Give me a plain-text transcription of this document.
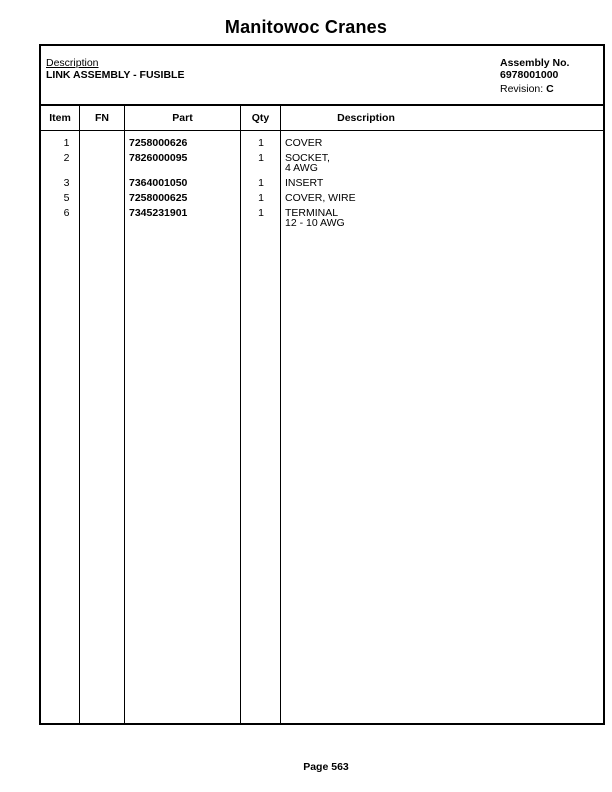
Manitowoc Cranes
Description
LINK ASSEMBLY - FUSIBLE
Assembly No.
6978001000
Revision: C
Item	FN	Part	Qty	Description
1	7258000626	1	COVER
2	7826000095	1	SOCKET,
4 AWG
3	7364001050	1	INSERT
5	7258000625	1	COVER, WIRE
6	7345231901	1	TERMINAL
12 - 10 AWG
Page 563
